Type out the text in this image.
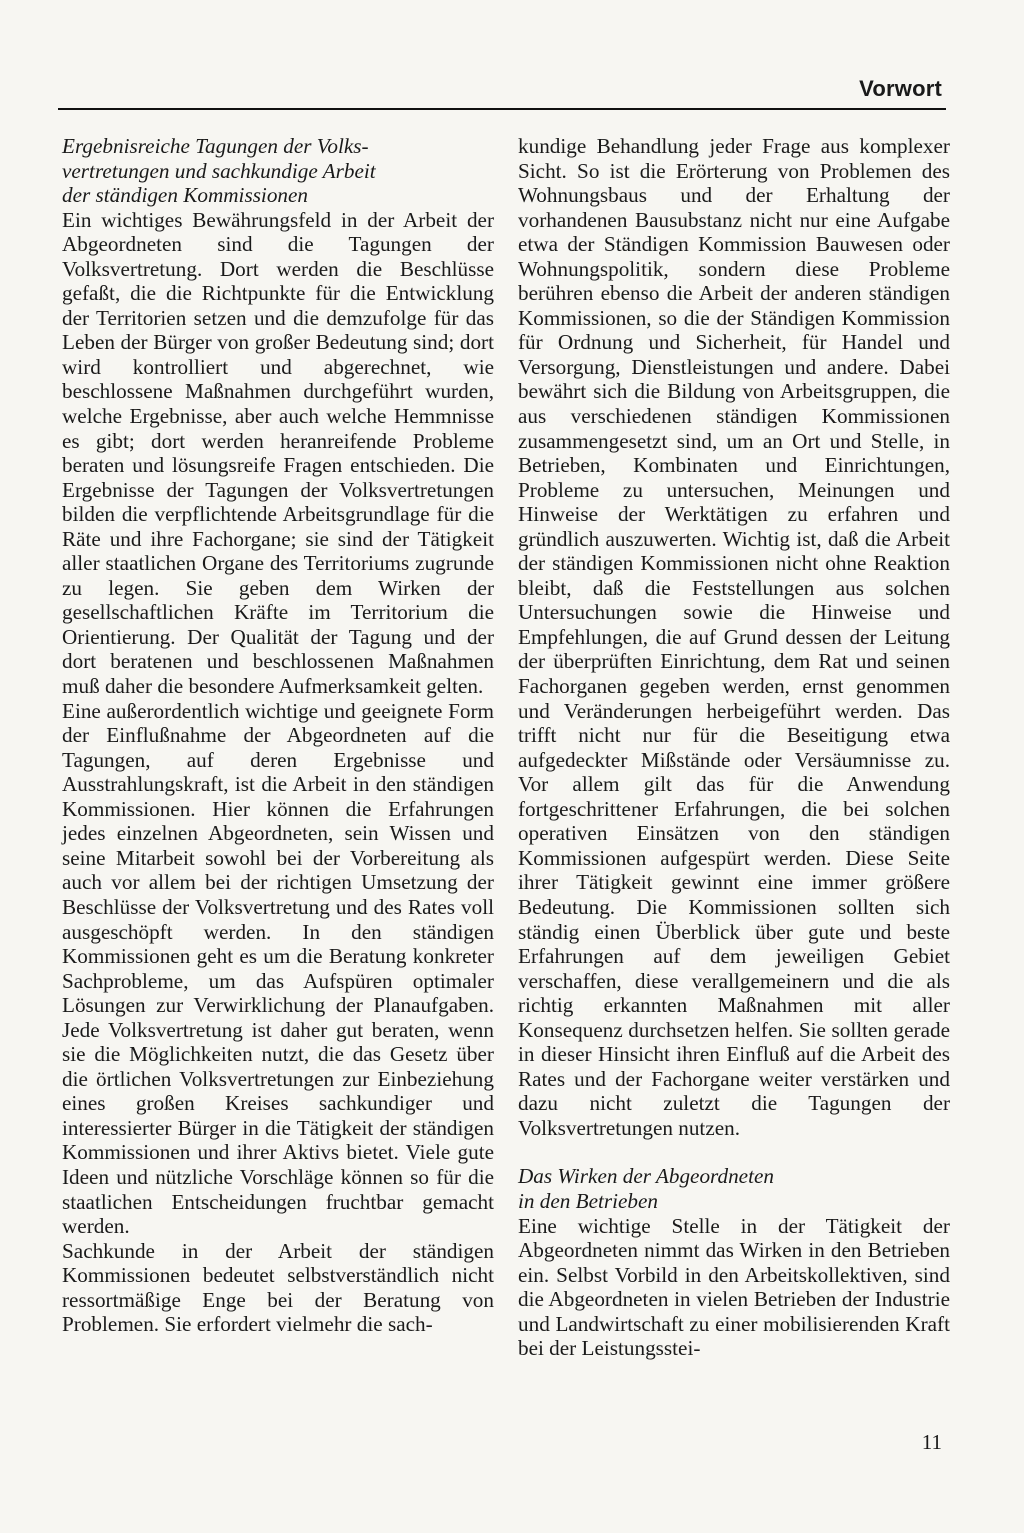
Vorwort
Ergebnisreiche Tagungen der Volks-
vertretungen und sachkundige Arbeit
der ständigen Kommissionen

Ein wichtiges Bewährungsfeld in der Arbeit der Abgeordneten sind die Tagungen der Volksvertretung. Dort werden die Beschlüsse gefaßt, die die Richtpunkte für die Entwicklung der Territorien setzen und die demzufolge für das Leben der Bürger von großer Bedeutung sind; dort wird kontrolliert und abgerechnet, wie beschlossene Maßnahmen durchgeführt wurden, welche Ergebnisse, aber auch welche Hemmnisse es gibt; dort werden heranreifende Probleme beraten und lösungsreife Fragen entschieden. Die Ergebnisse der Tagungen der Volksvertretungen bilden die verpflichtende Arbeitsgrundlage für die Räte und ihre Fachorgane; sie sind der Tätigkeit aller staatlichen Organe des Territoriums zugrunde zu legen. Sie geben dem Wirken der gesellschaftlichen Kräfte im Territorium die Orientierung. Der Qualität der Tagung und der dort beratenen und beschlossenen Maßnahmen muß daher die besondere Aufmerksamkeit gelten.

Eine außerordentlich wichtige und geeignete Form der Einflußnahme der Abgeordneten auf die Tagungen, auf deren Ergebnisse und Ausstrahlungskraft, ist die Arbeit in den ständigen Kommissionen. Hier können die Erfahrungen jedes einzelnen Abgeordneten, sein Wissen und seine Mitarbeit sowohl bei der Vorbereitung als auch vor allem bei der richtigen Umsetzung der Beschlüsse der Volksvertretung und des Rates voll ausgeschöpft werden. In den ständigen Kommissionen geht es um die Beratung konkreter Sachprobleme, um das Aufspüren optimaler Lösungen zur Verwirklichung der Planaufgaben. Jede Volksvertretung ist daher gut beraten, wenn sie die Möglichkeiten nutzt, die das Gesetz über die örtlichen Volksvertretungen zur Einbeziehung eines großen Kreises sachkundiger und interessierter Bürger in die Tätigkeit der ständigen Kommissionen und ihrer Aktivs bietet. Viele gute Ideen und nützliche Vorschläge können so für die staatlichen Entscheidungen fruchtbar gemacht werden.

Sachkunde in der Arbeit der ständigen Kommissionen bedeutet selbstverständlich nicht ressortmäßige Enge bei der Beratung von Problemen. Sie erfordert vielmehr die sach-

kundige Behandlung jeder Frage aus komplexer Sicht. So ist die Erörterung von Problemen des Wohnungsbaus und der Erhaltung der vorhandenen Bausubstanz nicht nur eine Aufgabe etwa der Ständigen Kommission Bauwesen oder Wohnungspolitik, sondern diese Probleme berühren ebenso die Arbeit der anderen ständigen Kommissionen, so die der Ständigen Kommission für Ordnung und Sicherheit, für Handel und Versorgung, Dienstleistungen und andere. Dabei bewährt sich die Bildung von Arbeitsgruppen, die aus verschiedenen ständigen Kommissionen zusammengesetzt sind, um an Ort und Stelle, in Betrieben, Kombinaten und Einrichtungen, Probleme zu untersuchen, Meinungen und Hinweise der Werktätigen zu erfahren und gründlich auszuwerten. Wichtig ist, daß die Arbeit der ständigen Kommissionen nicht ohne Reaktion bleibt, daß die Feststellungen aus solchen Untersuchungen sowie die Hinweise und Empfehlungen, die auf Grund dessen der Leitung der überprüften Einrichtung, dem Rat und seinen Fachorganen gegeben werden, ernst genommen und Veränderungen herbeigeführt werden. Das trifft nicht nur für die Beseitigung etwa aufgedeckter Mißstände oder Versäumnisse zu. Vor allem gilt das für die Anwendung fortgeschrittener Erfahrungen, die bei solchen operativen Einsätzen von den ständigen Kommissionen aufgespürt werden. Diese Seite ihrer Tätigkeit gewinnt eine immer größere Bedeutung. Die Kommissionen sollten sich ständig einen Überblick über gute und beste Erfahrungen auf dem jeweiligen Gebiet verschaffen, diese verallgemeinern und die als richtig erkannten Maßnahmen mit aller Konsequenz durchsetzen helfen. Sie sollten gerade in dieser Hinsicht ihren Einfluß auf die Arbeit des Rates und der Fachorgane weiter verstärken und dazu nicht zuletzt die Tagungen der Volksvertretungen nutzen.

Das Wirken der Abgeordneten
in den Betrieben

Eine wichtige Stelle in der Tätigkeit der Abgeordneten nimmt das Wirken in den Betrieben ein. Selbst Vorbild in den Arbeitskollektiven, sind die Abgeordneten in vielen Betrieben der Industrie und Landwirtschaft zu einer mobilisierenden Kraft bei der Leistungsstei-

11
